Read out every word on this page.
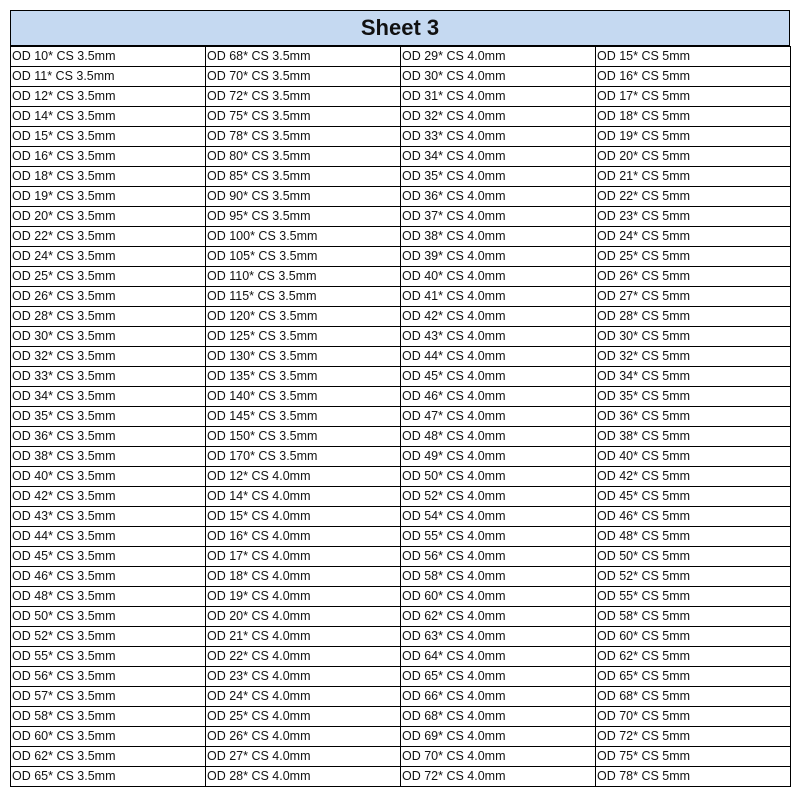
Sheet 3
OD 10* CS 3.5mm	OD 68* CS 3.5mm	OD 29* CS 4.0mm	OD 15* CS 5mm
OD 11* CS 3.5mm	OD 70* CS 3.5mm	OD 30* CS 4.0mm	OD 16* CS 5mm
OD 12* CS 3.5mm	OD 72* CS 3.5mm	OD 31* CS 4.0mm	OD 17* CS 5mm
OD 14* CS 3.5mm	OD 75* CS 3.5mm	OD 32* CS 4.0mm	OD 18* CS 5mm
OD 15* CS 3.5mm	OD 78* CS 3.5mm	OD 33* CS 4.0mm	OD 19* CS 5mm
OD 16* CS 3.5mm	OD 80* CS 3.5mm	OD 34* CS 4.0mm	OD 20* CS 5mm
OD 18* CS 3.5mm	OD 85* CS 3.5mm	OD 35* CS 4.0mm	OD 21* CS 5mm
OD 19* CS 3.5mm	OD 90* CS 3.5mm	OD 36* CS 4.0mm	OD 22* CS 5mm
OD 20* CS 3.5mm	OD 95* CS 3.5mm	OD 37* CS 4.0mm	OD 23* CS 5mm
OD 22* CS 3.5mm	OD 100* CS 3.5mm	OD 38* CS 4.0mm	OD 24* CS 5mm
OD 24* CS 3.5mm	OD 105* CS 3.5mm	OD 39* CS 4.0mm	OD 25* CS 5mm
OD 25* CS 3.5mm	OD 110* CS 3.5mm	OD 40* CS 4.0mm	OD 26* CS 5mm
OD 26* CS 3.5mm	OD 115* CS 3.5mm	OD 41* CS 4.0mm	OD 27* CS 5mm
OD 28* CS 3.5mm	OD 120* CS 3.5mm	OD 42* CS 4.0mm	OD 28* CS 5mm
OD 30* CS 3.5mm	OD 125* CS 3.5mm	OD 43* CS 4.0mm	OD 30* CS 5mm
OD 32* CS 3.5mm	OD 130* CS 3.5mm	OD 44* CS 4.0mm	OD 32* CS 5mm
OD 33* CS 3.5mm	OD 135* CS 3.5mm	OD 45* CS 4.0mm	OD 34* CS 5mm
OD 34* CS 3.5mm	OD 140* CS 3.5mm	OD 46* CS 4.0mm	OD 35* CS 5mm
OD 35* CS 3.5mm	OD 145* CS 3.5mm	OD 47* CS 4.0mm	OD 36* CS 5mm
OD 36* CS 3.5mm	OD 150* CS 3.5mm	OD 48* CS 4.0mm	OD 38* CS 5mm
OD 38* CS 3.5mm	OD 170* CS 3.5mm	OD 49* CS 4.0mm	OD 40* CS 5mm
OD 40* CS 3.5mm	OD 12* CS 4.0mm	OD 50* CS 4.0mm	OD 42* CS 5mm
OD 42* CS 3.5mm	OD 14* CS 4.0mm	OD 52* CS 4.0mm	OD 45* CS 5mm
OD 43* CS 3.5mm	OD 15* CS 4.0mm	OD 54* CS 4.0mm	OD 46* CS 5mm
OD 44* CS 3.5mm	OD 16* CS 4.0mm	OD 55* CS 4.0mm	OD 48* CS 5mm
OD 45* CS 3.5mm	OD 17* CS 4.0mm	OD 56* CS 4.0mm	OD 50* CS 5mm
OD 46* CS 3.5mm	OD 18* CS 4.0mm	OD 58* CS 4.0mm	OD 52* CS 5mm
OD 48* CS 3.5mm	OD 19* CS 4.0mm	OD 60* CS 4.0mm	OD 55* CS 5mm
OD 50* CS 3.5mm	OD 20* CS 4.0mm	OD 62* CS 4.0mm	OD 58* CS 5mm
OD 52* CS 3.5mm	OD 21* CS 4.0mm	OD 63* CS 4.0mm	OD 60* CS 5mm
OD 55* CS 3.5mm	OD 22* CS 4.0mm	OD 64* CS 4.0mm	OD 62* CS 5mm
OD 56* CS 3.5mm	OD 23* CS 4.0mm	OD 65* CS 4.0mm	OD 65* CS 5mm
OD 57* CS 3.5mm	OD 24* CS 4.0mm	OD 66* CS 4.0mm	OD 68* CS 5mm
OD 58* CS 3.5mm	OD 25* CS 4.0mm	OD 68* CS 4.0mm	OD 70* CS 5mm
OD 60* CS 3.5mm	OD 26* CS 4.0mm	OD 69* CS 4.0mm	OD 72* CS 5mm
OD 62* CS 3.5mm	OD 27* CS 4.0mm	OD 70* CS 4.0mm	OD 75* CS 5mm
OD 65* CS 3.5mm	OD 28* CS 4.0mm	OD 72* CS 4.0mm	OD 78* CS 5mm
